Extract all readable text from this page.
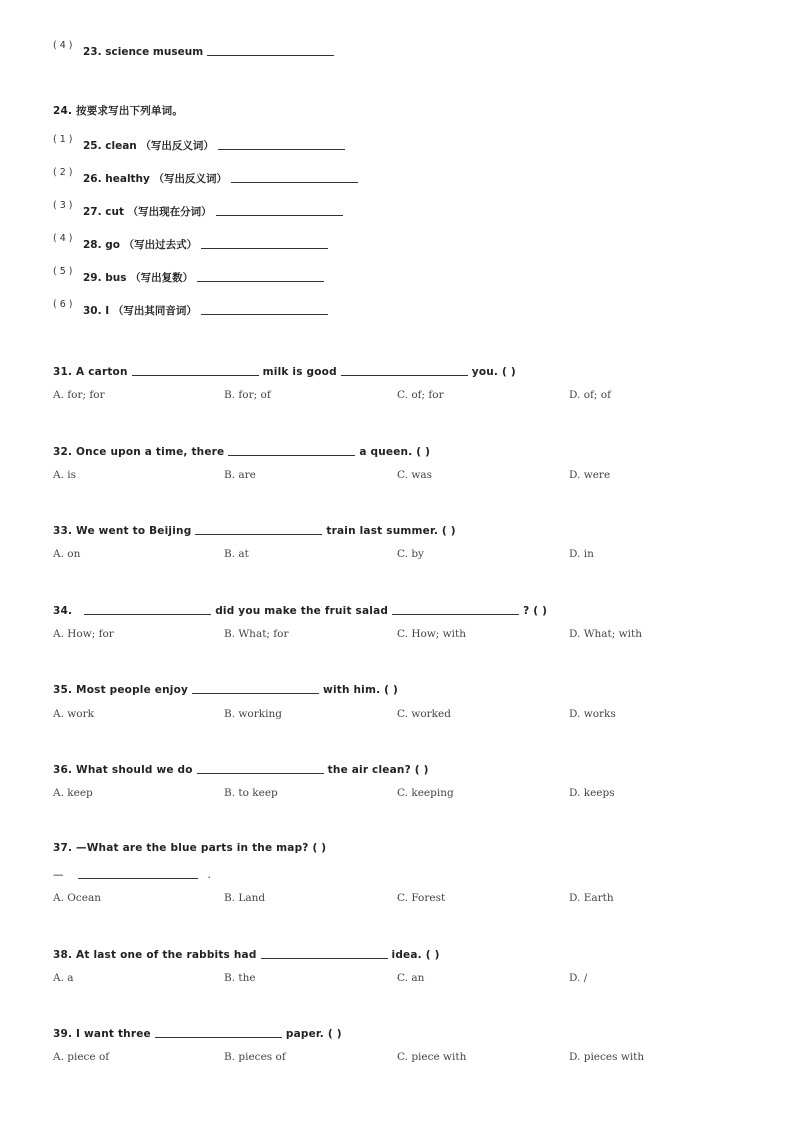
( 4 )
23. science museum
24. 按要求写出下列单词。
( 1 )
25. clean （写出反义词）
( 2 )
26. healthy （写出反义词）
( 3 )
27. cut （写出现在分词）
( 4 )
28. go （写出过去式）
( 5 )
29. bus （写出复数）
( 6 )
30. I （写出其同音词）
31. A carton	milk is good	you. ( )
A. for; for	B. for; of	C. of; for	D. of; of
32. Once upon a time, there	a queen. ( )
A. is	B. are	C. was	D. were
33. We went to Beijing	train last summer. ( )
A. on	B. at	C. by	D. in
34.	did you make the fruit salad	? ( )
A. How; for	B. What; for	C. How; with	D. What; with
35. Most people enjoy	with him. ( )
A. work	B. working	C. worked	D. works
36. What should we do	the air clean? ( )
A. keep	B. to keep	C. keeping	D. keeps
37. —What are the blue parts in the map? ( )
—	.
A. Ocean	B. Land	C. Forest	D. Earth
38. At last one of the rabbits had	idea. ( )
A. a	B. the	C. an	D. /
39. I want three	paper. ( )
A. piece of	B. pieces of	C. piece with	D. pieces with
